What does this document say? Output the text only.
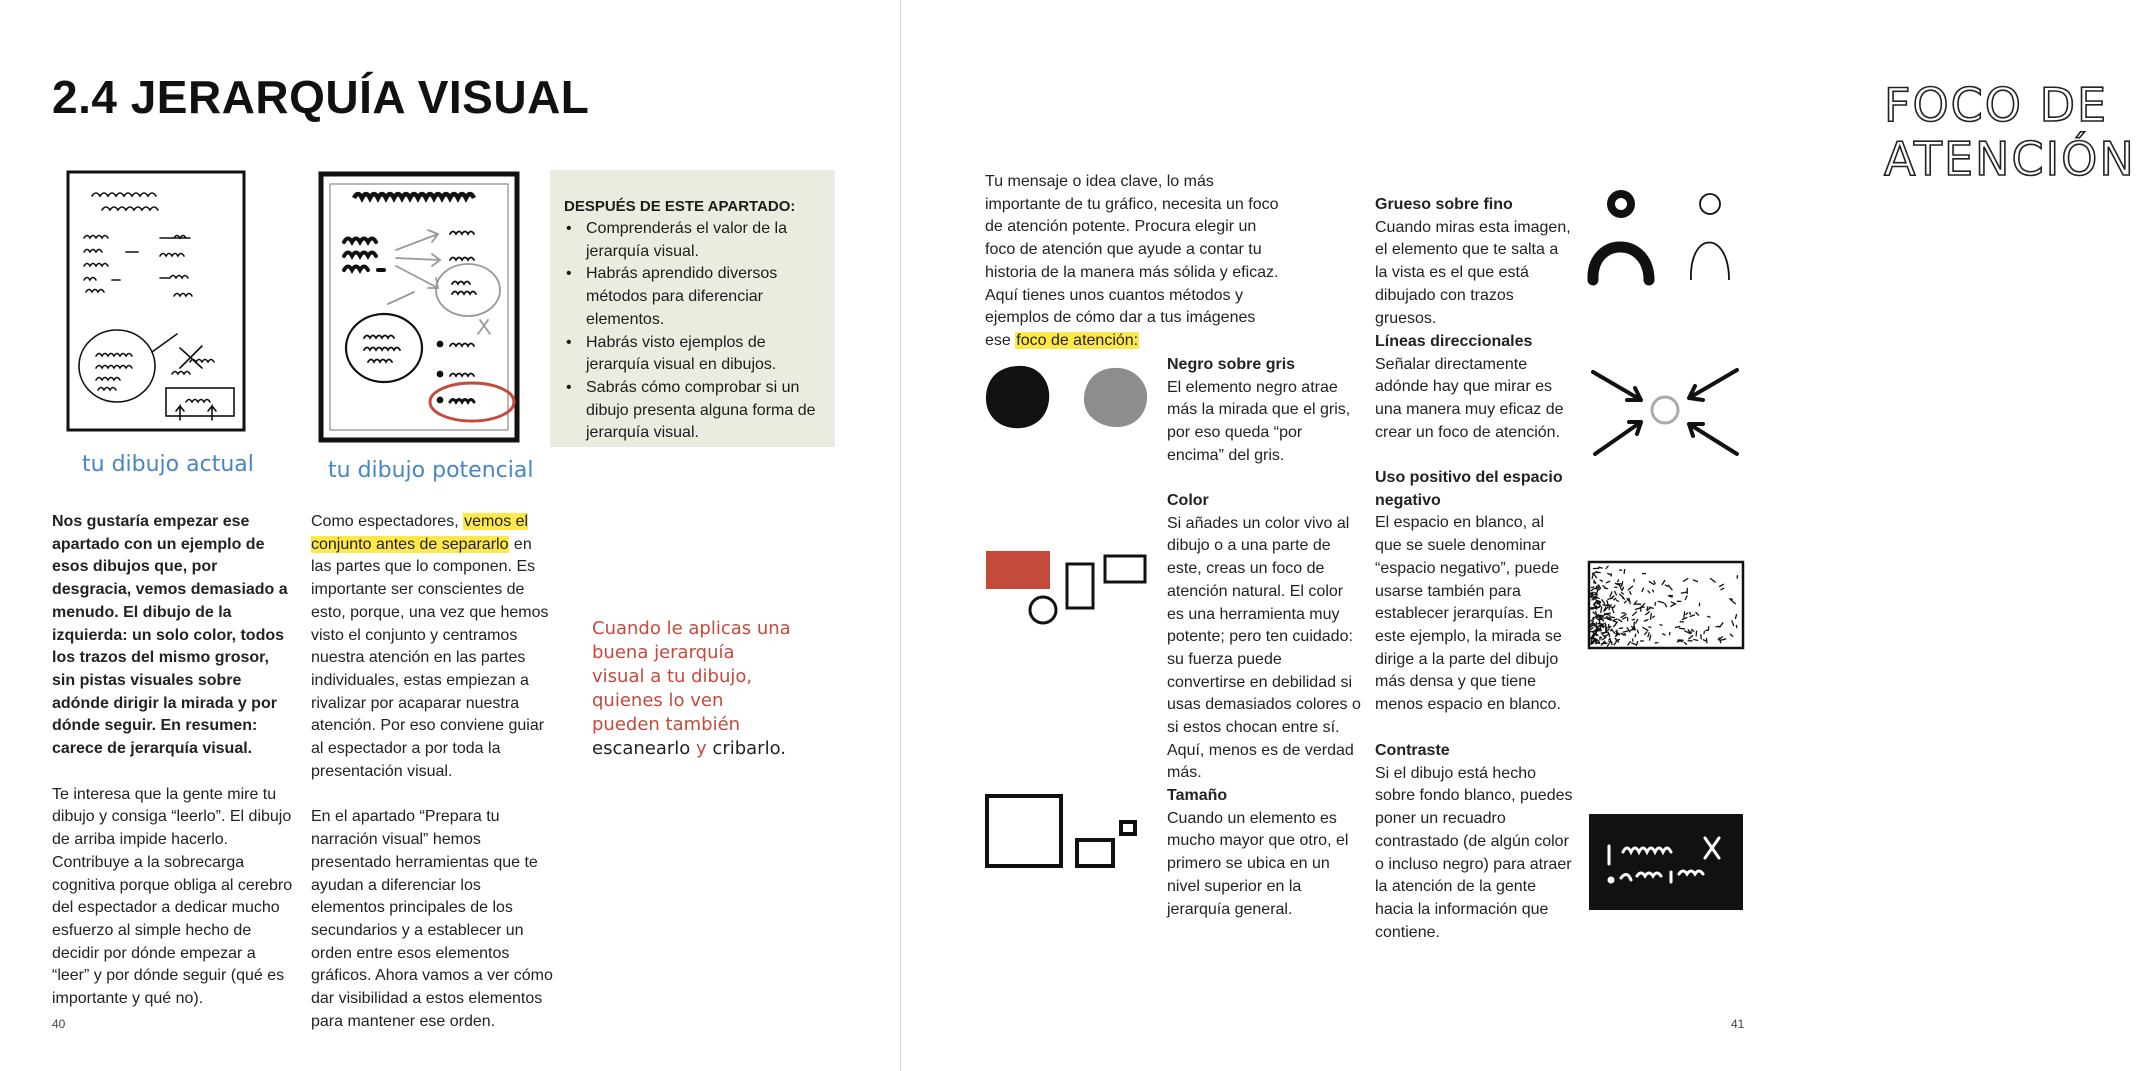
2.4 JERARQUÍA VISUAL
tu dibujo actual	tu dibujo potencial
DESPUÉS DE ESTE APARTADO:
• Comprenderás el valor de la jerarquía visual.
• Habrás aprendido diversos métodos para diferenciar elementos.
• Habrás visto ejemplos de jerarquía visual en dibujos.
• Sabrás cómo comprobar si un dibujo presenta alguna forma de jerarquía visual.

Nos gustaría empezar ese apartado con un ejemplo de esos dibujos que, por desgracia, vemos demasiado a menudo. El dibujo de la izquierda: un solo color, todos los trazos del mismo grosor, sin pistas visuales sobre adónde dirigir la mirada y por dónde seguir. En resumen: carece de jerarquía visual.

Te interesa que la gente mire tu dibujo y consiga “leerlo”. El dibujo de arriba impide hacerlo. Contribuye a la sobrecarga cognitiva porque obliga al cerebro del espectador a dedicar mucho esfuerzo al simple hecho de decidir por dónde empezar a “leer” y por dónde seguir (qué es importante y qué no).

Como espectadores, vemos el conjunto antes de separarlo en las partes que lo componen. Es importante ser conscientes de esto, porque, una vez que hemos visto el conjunto y centramos nuestra atención en las partes individuales, estas empiezan a rivalizar por acaparar nuestra atención. Por eso conviene guiar al espectador a por toda la presentación visual.

En el apartado “Prepara tu narración visual” hemos presentado herramientas que te ayudan a diferenciar los elementos principales de los secundarios y a establecer un orden entre esos elementos gráficos. Ahora vamos a ver cómo dar visibilidad a estos elementos para mantener ese orden.

Cuando le aplicas una buena jerarquía visual a tu dibujo, quienes lo ven pueden también escanearlo y cribarlo.
40
FOCO DE ATENCIÓN
Tu mensaje o idea clave, lo más importante de tu gráfico, necesita un foco de atención potente. Procura elegir un foco de atención que ayude a contar tu historia de la manera más sólida y eficaz. Aquí tienes unos cuantos métodos y ejemplos de cómo dar a tus imágenes ese foco de atención:
Negro sobre gris
El elemento negro atrae más la mirada que el gris, por eso queda “por encima” del gris.
Color
Si añades un color vivo al dibujo o a una parte de este, creas un foco de atención natural. El color es una herramienta muy potente; pero ten cuidado: su fuerza puede convertirse en debilidad si usas demasiados colores o si estos chocan entre sí. Aquí, menos es de verdad más.
Tamaño
Cuando un elemento es mucho mayor que otro, el primero se ubica en un nivel superior en la jerarquía general.
Grueso sobre fino
Cuando miras esta imagen, el elemento que te salta a la vista es el que está dibujado con trazos gruesos.
Líneas direccionales
Señalar directamente adónde hay que mirar es una manera muy eficaz de crear un foco de atención.
Uso positivo del espacio negativo
El espacio en blanco, al que se suele denominar “espacio negativo”, puede usarse también para establecer jerarquías. En este ejemplo, la mirada se dirige a la parte del dibujo más densa y que tiene menos espacio en blanco.
Contraste
Si el dibujo está hecho sobre fondo blanco, puedes poner un recuadro contrastado (de algún color o incluso negro) para atraer la atención de la gente hacia la información que contiene.
41
